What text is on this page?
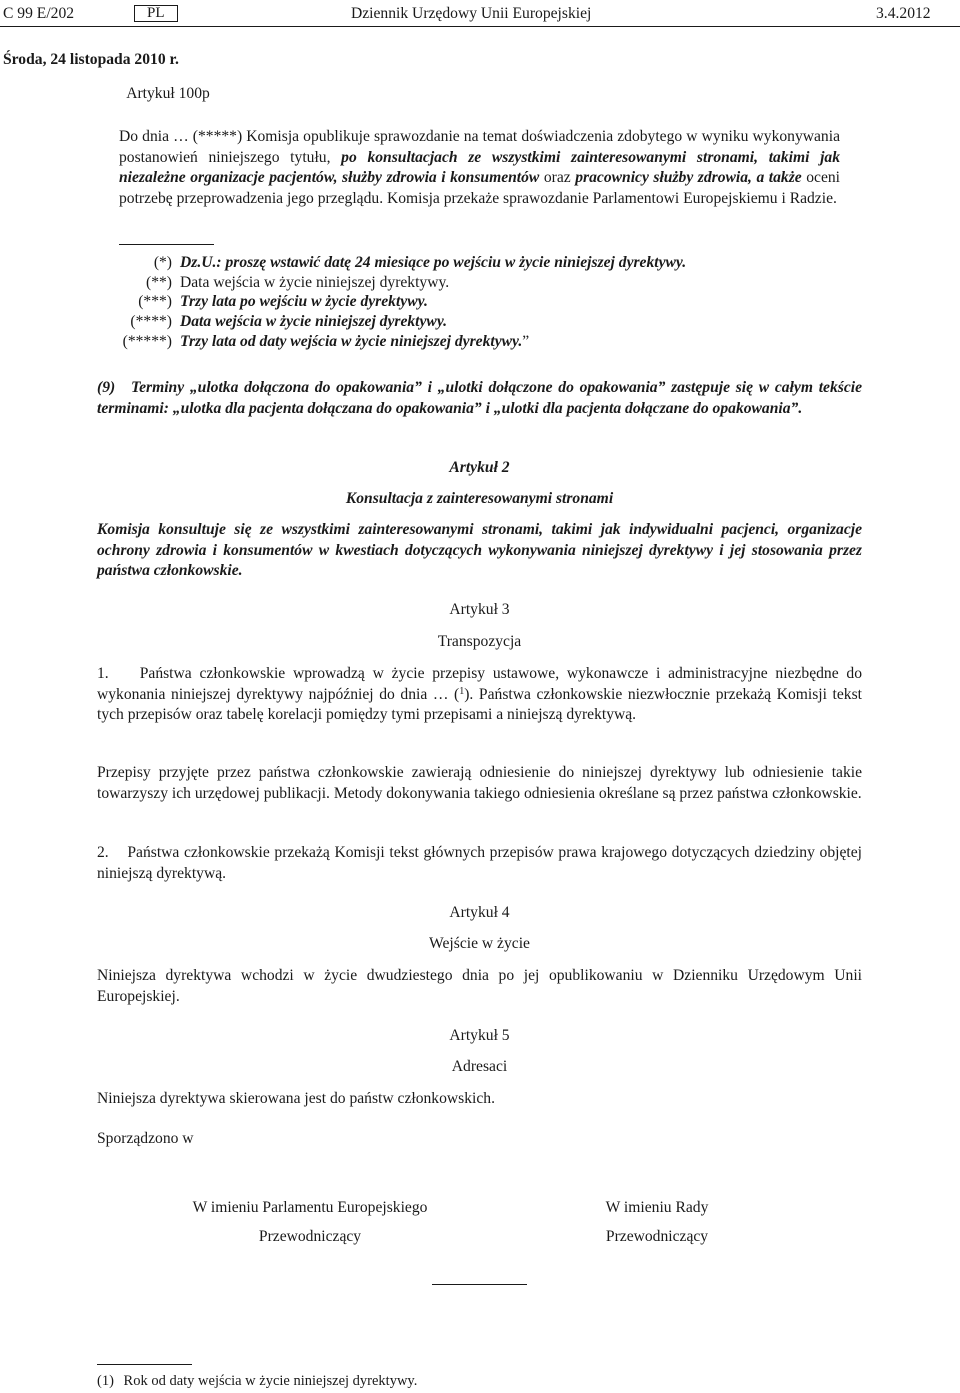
C 99 E/202	PL	Dziennik Urzędowy Unii Europejskiej	3.4.2012
Środa, 24 listopada 2010 r.
Artykuł 100p
Do dnia … (*****) Komisja opublikuje sprawozdanie na temat doświadczenia zdobytego w wyniku wykonywania postanowień niniejszego tytułu, po konsultacjach ze wszystkimi zainteresowanymi stronami, takimi jak niezależne organizacje pacjentów, służby zdrowia i konsumentów oraz pracownicy służby zdrowia, a także oceni potrzebę przeprowadzenia jego przeglądu. Komisja przekaże sprawozdanie Parlamentowi Europejskiemu i Radzie.
(*) Dz.U.: proszę wstawić datę 24 miesiące po wejściu w życie niniejszej dyrektywy.
(**) Data wejścia w życie niniejszej dyrektywy.
(***) Trzy lata po wejściu w życie dyrektywy.
(****) Data wejścia w życie niniejszej dyrektywy.
(*****) Trzy lata od daty wejścia w życie niniejszej dyrektywy.”
(9)	Terminy „ulotka dołączona do opakowania” i „ulotki dołączone do opakowania” zastępuje się w całym tekście terminami: „ulotka dla pacjenta dołączana do opakowania” i „ulotki dla pacjenta dołączane do opakowania”.
Artykuł 2
Konsultacja z zainteresowanymi stronami
Komisja konsultuje się ze wszystkimi zainteresowanymi stronami, takimi jak indywidualni pacjenci, organizacje ochrony zdrowia i konsumentów w kwestiach dotyczących wykonywania niniejszej dyrektywy i jej stosowania przez państwa członkowskie.
Artykuł 3
Transpozycja
1.    Państwa członkowskie wprowadzą w życie przepisy ustawowe, wykonawcze i administracyjne niezbędne do wykonania niniejszej dyrektywy najpóźniej do dnia … ($^1$). Państwa członkowskie niezwłocznie przekażą Komisji tekst tych przepisów oraz tabelę korelacji pomiędzy tymi przepisami a niniejszą dyrektywą.
Przepisy przyjęte przez państwa członkowskie zawierają odniesienie do niniejszej dyrektywy lub odniesienie takie towarzyszy ich urzędowej publikacji. Metody dokonywania takiego odniesienia określane są przez państwa członkowskie.
2.    Państwa członkowskie przekażą Komisji tekst głównych przepisów prawa krajowego dotyczących dziedziny objętej niniejszą dyrektywą.
Artykuł 4
Wejście w życie
Niniejsza dyrektywa wchodzi w życie dwudziestego dnia po jej opublikowaniu w Dzienniku Urzędowym Unii Europejskiej.
Artykuł 5
Adresaci
Niniejsza dyrektywa skierowana jest do państw członkowskich.
Sporządzono w
W imieniu Parlamentu Europejskiego
Przewodniczący
W imieniu Rady
Przewodniczący
(1) Rok od daty wejścia w życie niniejszej dyrektywy.
